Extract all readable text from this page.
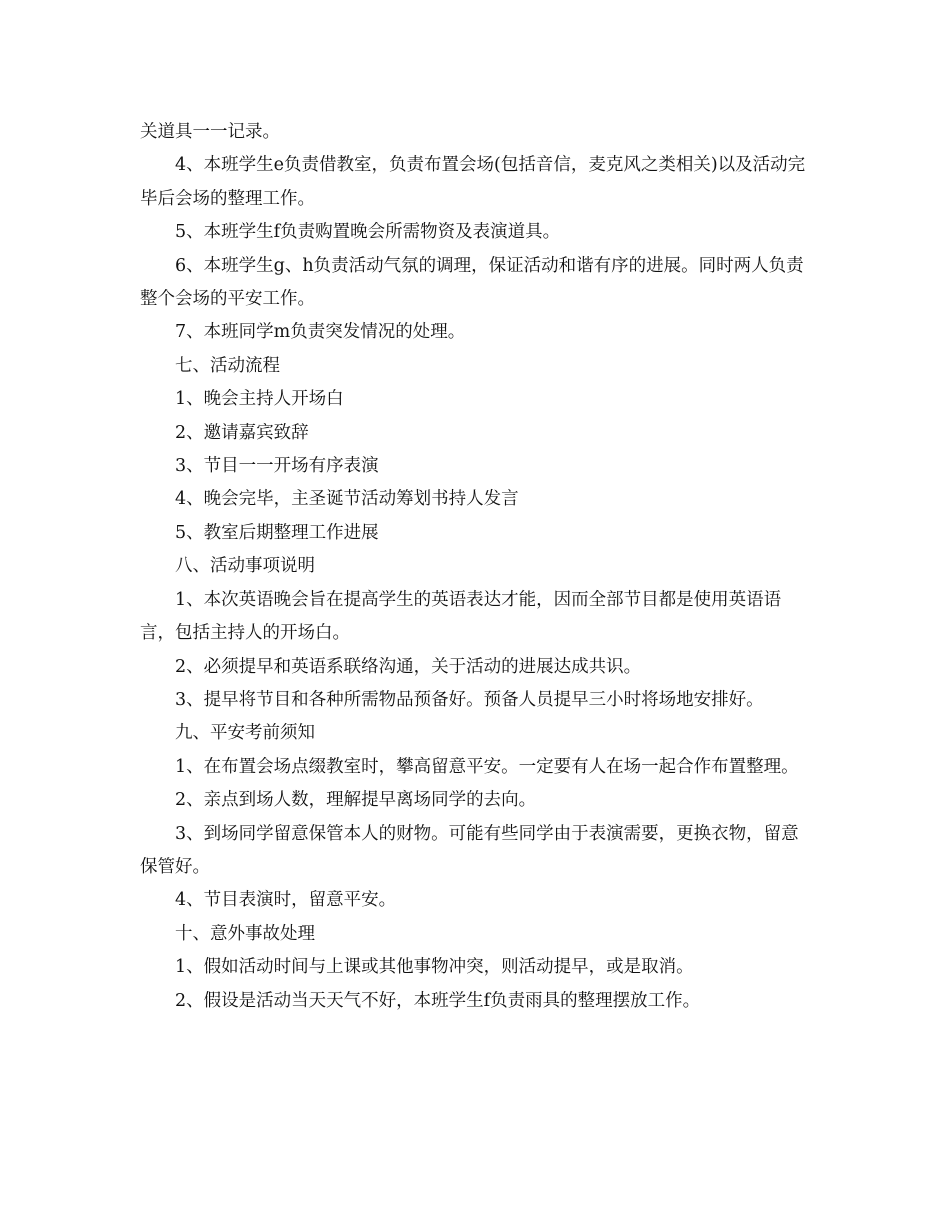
关道具一一记录。

4、本班学生e负责借教室，负责布置会场(包括音信，麦克风之类相关)以及活动完毕后会场的整理工作。

5、本班学生f负责购置晚会所需物资及表演道具。

6、本班学生g、h负责活动气氛的调理，保证活动和谐有序的进展。同时两人负责整个会场的平安工作。

7、本班同学m负责突发情况的处理。

七、活动流程

1、晚会主持人开场白

2、邀请嘉宾致辞

3、节目一一开场有序表演

4、晚会完毕，主圣诞节活动筹划书持人发言

5、教室后期整理工作进展

八、活动事项说明

1、本次英语晚会旨在提高学生的英语表达才能，因而全部节目都是使用英语语言，包括主持人的开场白。

2、必须提早和英语系联络沟通，关于活动的进展达成共识。

3、提早将节目和各种所需物品预备好。预备人员提早三小时将场地安排好。

九、平安考前须知

1、在布置会场点缀教室时，攀高留意平安。一定要有人在场一起合作布置整理。

2、亲点到场人数，理解提早离场同学的去向。

3、到场同学留意保管本人的财物。可能有些同学由于表演需要，更换衣物，留意保管好。

4、节目表演时，留意平安。

十、意外事故处理

1、假如活动时间与上课或其他事物冲突，则活动提早，或是取消。

2、假设是活动当天天气不好，本班学生f负责雨具的整理摆放工作。
